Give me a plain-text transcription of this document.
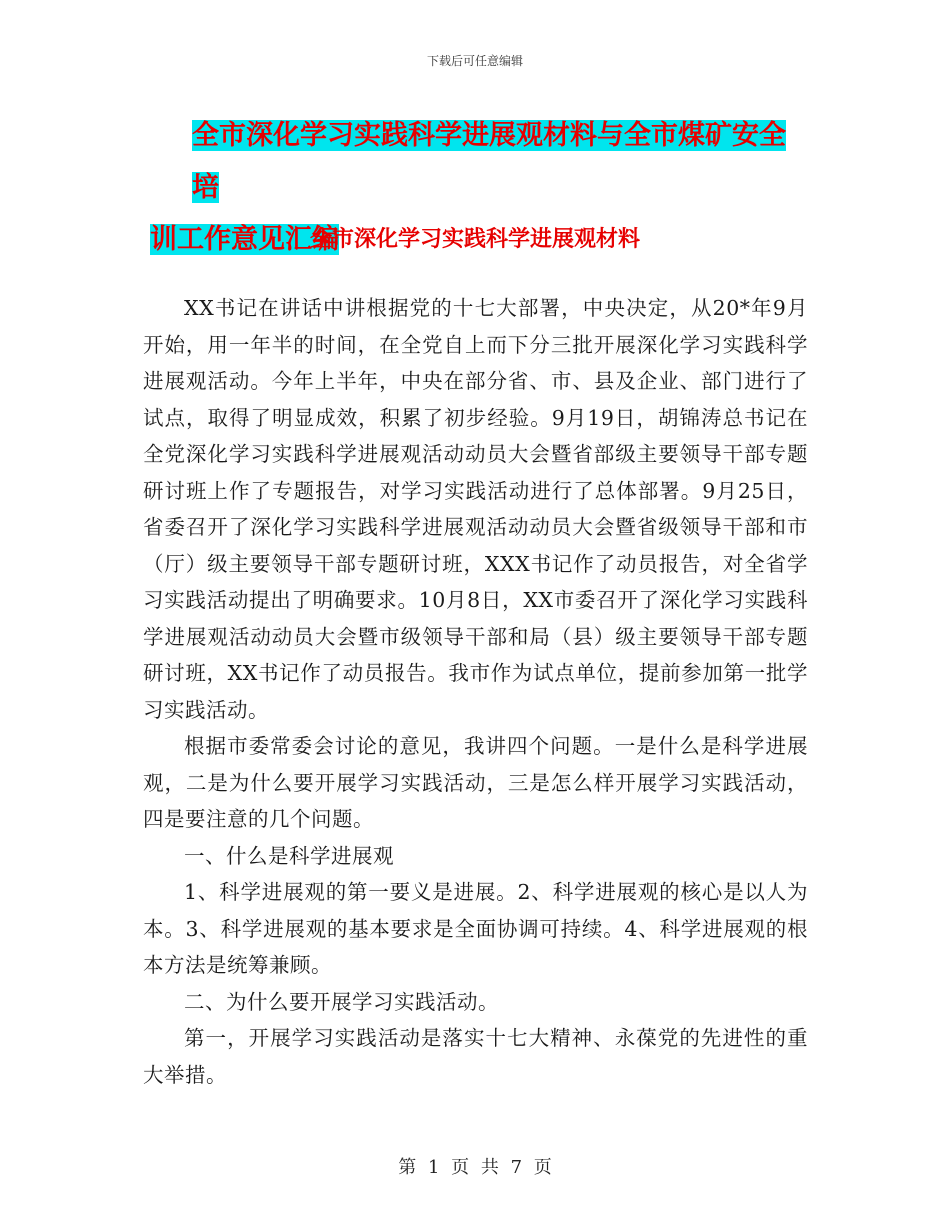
下载后可任意编辑
全市深化学习实践科学进展观材料与全市煤矿安全培
训工作意见汇编
全市深化学习实践科学进展观材料

XX书记在讲话中讲根据党的十七大部署，中央决定，从20*年9月开始，用一年半的时间，在全党自上而下分三批开展深化学习实践科学进展观活动。今年上半年，中央在部分省、市、县及企业、部门进行了试点，取得了明显成效，积累了初步经验。9月19日，胡锦涛总书记在全党深化学习实践科学进展观活动动员大会暨省部级主要领导干部专题研讨班上作了专题报告，对学习实践活动进行了总体部署。9月25日，省委召开了深化学习实践科学进展观活动动员大会暨省级领导干部和市（厅）级主要领导干部专题研讨班，XXX书记作了动员报告，对全省学习实践活动提出了明确要求。10月8日，XX市委召开了深化学习实践科学进展观活动动员大会暨市级领导干部和局（县）级主要领导干部专题研讨班，XX书记作了动员报告。我市作为试点单位，提前参加第一批学习实践活动。

根据市委常委会讨论的意见，我讲四个问题。一是什么是科学进展观，二是为什么要开展学习实践活动，三是怎么样开展学习实践活动，四是要注意的几个问题。

一、什么是科学进展观

1、科学进展观的第一要义是进展。2、科学进展观的核心是以人为本。3、科学进展观的基本要求是全面协调可持续。4、科学进展观的根本方法是统筹兼顾。

二、为什么要开展学习实践活动。

第一，开展学习实践活动是落实十七大精神、永葆党的先进性的重大举措。

第 1 页 共 7 页
